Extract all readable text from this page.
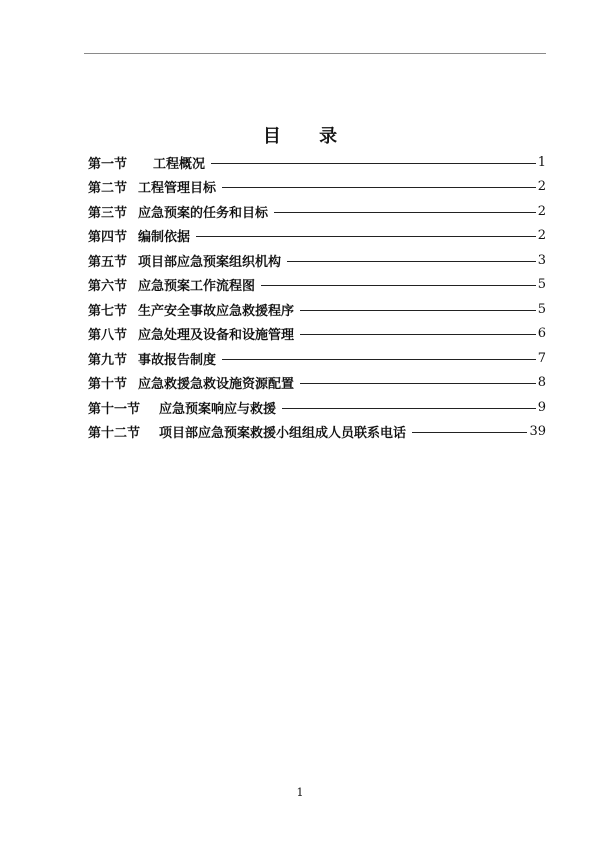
目 录
第一节 工程概况	1
第二节 工程管理目标	2
第三节 应急预案的任务和目标	2
第四节 编制依据	2
第五节 项目部应急预案组织机构	3
第六节 应急预案工作流程图	5
第七节 生产安全事故应急救援程序	5
第八节 应急处理及设备和设施管理	6
第九节 事故报告制度	7
第十节 应急救援急救设施资源配置	8
第十一节 应急预案响应与救援	9
第十二节 项目部应急预案救援小组组成人员联系电话	39
1
